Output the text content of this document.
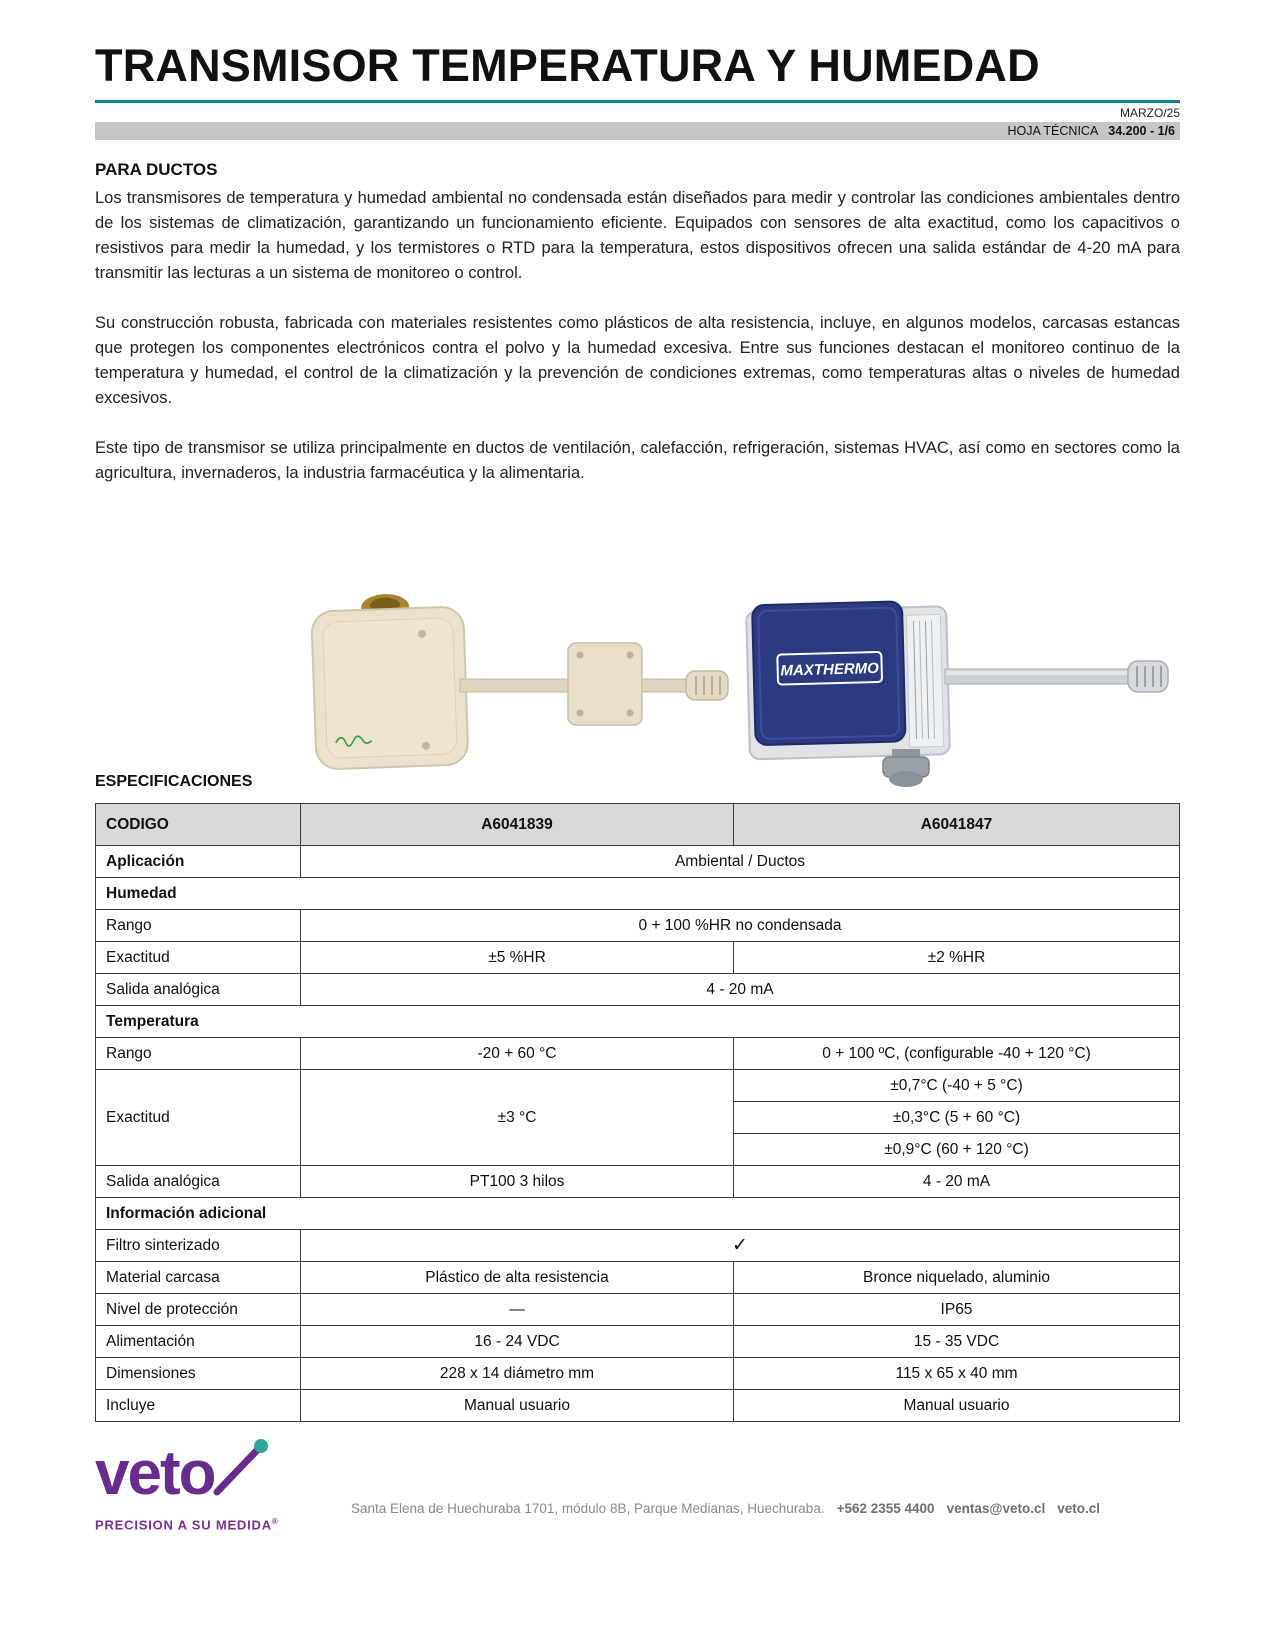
TRANSMISOR TEMPERATURA Y HUMEDAD
MARZO/25
HOJA TÉCNICA 34.200 - 1/6
PARA DUCTOS

Los transmisores de temperatura y humedad ambiental no condensada están diseñados para medir y controlar las condiciones ambientales dentro de los sistemas de climatización, garantizando un funcionamiento eficiente. Equipados con sensores de alta exactitud, como los capacitivos o resistivos para medir la humedad, y los termistores o RTD para la temperatura, estos dispositivos ofrecen una salida estándar de 4-20 mA para transmitir las lecturas a un sistema de monitoreo o control.

Su construcción robusta, fabricada con materiales resistentes como plásticos de alta resistencia, incluye, en algunos modelos, carcasas estancas que protegen los componentes electrónicos contra el polvo y la humedad excesiva. Entre sus funciones destacan el monitoreo continuo de la temperatura y humedad, el control de la climatización y la prevención de condiciones extremas, como temperaturas altas o niveles de humedad excesivos.

Este tipo de transmisor se utiliza principalmente en ductos de ventilación, calefacción, refrigeración, sistemas HVAC, así como en sectores como la agricultura, invernaderos, la industria farmacéutica y la alimentaria.

MAXTHERMO
ESPECIFICACIONES
CODIGO	A6041839	A6041847
Aplicación	Ambiental / Ductos	
Humedad		
Rango	0 + 100 %HR no condensada	
Exactitud	±5 %HR	±2 %HR
Salida analógica	4 - 20 mA	
Temperatura		
Rango	-20 + 60 °C	0 + 100 ºC, (configurable -40 + 120 °C)
Exactitud	±3 °C	±0,7°C (-40 + 5 °C)
		±0,3°C (5 + 60 °C)
		±0,9°C (60 + 120 °C)
Salida analógica	PT100 3 hilos	4 - 20 mA
Información adicional		
Filtro sinterizado	✓	
Material carcasa	Plástico de alta resistencia	Bronce niquelado, aluminio
Nivel de protección	—	IP65
Alimentación	16 - 24 VDC	15 - 35 VDC
Dimensiones	228 x 14 diámetro mm	115 x 65 x 40 mm
Incluye	Manual usuario	Manual usuario
veto
PRECISION A SU MEDIDA®
Santa Elena de Huechuraba 1701, módulo 8B, Parque Medianas, Huechuraba. +562 2355 4400 ventas@veto.cl veto.cl
